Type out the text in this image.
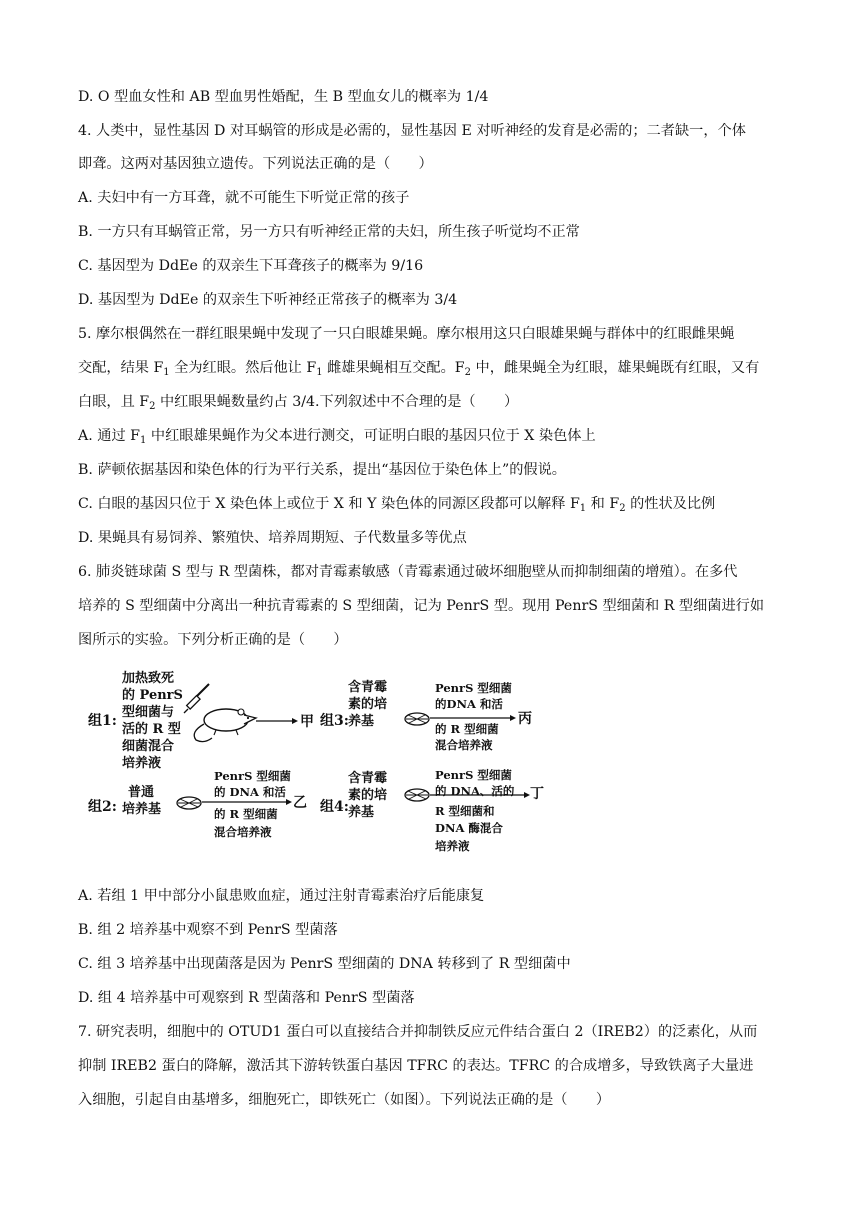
D. O 型血女性和 AB 型血男性婚配，生 B 型血女儿的概率为 1/4
4. 人类中，显性基因 D 对耳蜗管的形成是必需的，显性基因 E 对听神经的发育是必需的；二者缺一，个体
即聋。这两对基因独立遗传。下列说法正确的是（　　）
A. 夫妇中有一方耳聋，就不可能生下听觉正常的孩子
B. 一方只有耳蜗管正常，另一方只有听神经正常的夫妇，所生孩子听觉均不正常
C. 基因型为 DdEe 的双亲生下耳聋孩子的概率为 9/16
D. 基因型为 DdEe 的双亲生下听神经正常孩子的概率为 3/4
5. 摩尔根偶然在一群红眼果蝇中发现了一只白眼雄果蝇。摩尔根用这只白眼雄果蝇与群体中的红眼雌果蝇
交配，结果 $F_1$ 全为红眼。然后他让 $F_1$ 雌雄果蝇相互交配。$F_2$ 中，雌果蝇全为红眼，雄果蝇既有红眼，又有
白眼，且 $F_2$ 中红眼果蝇数量约占 3/4.下列叙述中不合理的是（　　）
A. 通过 $F_1$ 中红眼雄果蝇作为父本进行测交，可证明白眼的基因只位于 X 染色体上
B. 萨顿依据基因和染色体的行为平行关系，提出“基因位于染色体上”的假说。
C. 白眼的基因只位于 X 染色体上或位于 X 和 Y 染色体的同源区段都可以解释 $F_1$ 和 $F_2$ 的性状及比例
D. 果蝇具有易饲养、繁殖快、培养周期短、子代数量多等优点
6. 肺炎链球菌 S 型与 R 型菌株，都对青霉素敏感（青霉素通过破坏细胞壁从而抑制细菌的增殖）。在多代
培养的 S 型细菌中分离出一种抗青霉素的 S 型细菌，记为 PenrS 型。现用 PenrS 型细菌和 R 型细菌进行如
图所示的实验。下列分析正确的是（　　）
组1:
加热致死
的 PenrS
型细菌与
活的 R 型
细菌混合
培养液
甲 组3:
含青霉
素的培
养基
PenrS 型细菌
的DNA 和活
的 R 型细菌
混合培养液
丙
组2:
普通
培养基
PenrS 型细菌
的 DNA 和活
的 R 型细菌
混合培养液
乙 组4:
含青霉
素的培
养基
PenrS 型细菌
的 DNA、活的
R 型细菌和
DNA 酶混合
培养液
丁
A. 若组 1 甲中部分小鼠患败血症，通过注射青霉素治疗后能康复
B. 组 2 培养基中观察不到 PenrS 型菌落
C. 组 3 培养基中出现菌落是因为 PenrS 型细菌的 DNA 转移到了 R 型细菌中
D. 组 4 培养基中可观察到 R 型菌落和 PenrS 型菌落
7. 研究表明，细胞中的 OTUD1 蛋白可以直接结合并抑制铁反应元件结合蛋白 2（IREB2）的泛素化，从而
抑制 IREB2 蛋白的降解，激活其下游转铁蛋白基因 TFRC 的表达。TFRC 的合成增多，导致铁离子大量进
入细胞，引起自由基增多，细胞死亡，即铁死亡（如图）。下列说法正确的是（　　）
